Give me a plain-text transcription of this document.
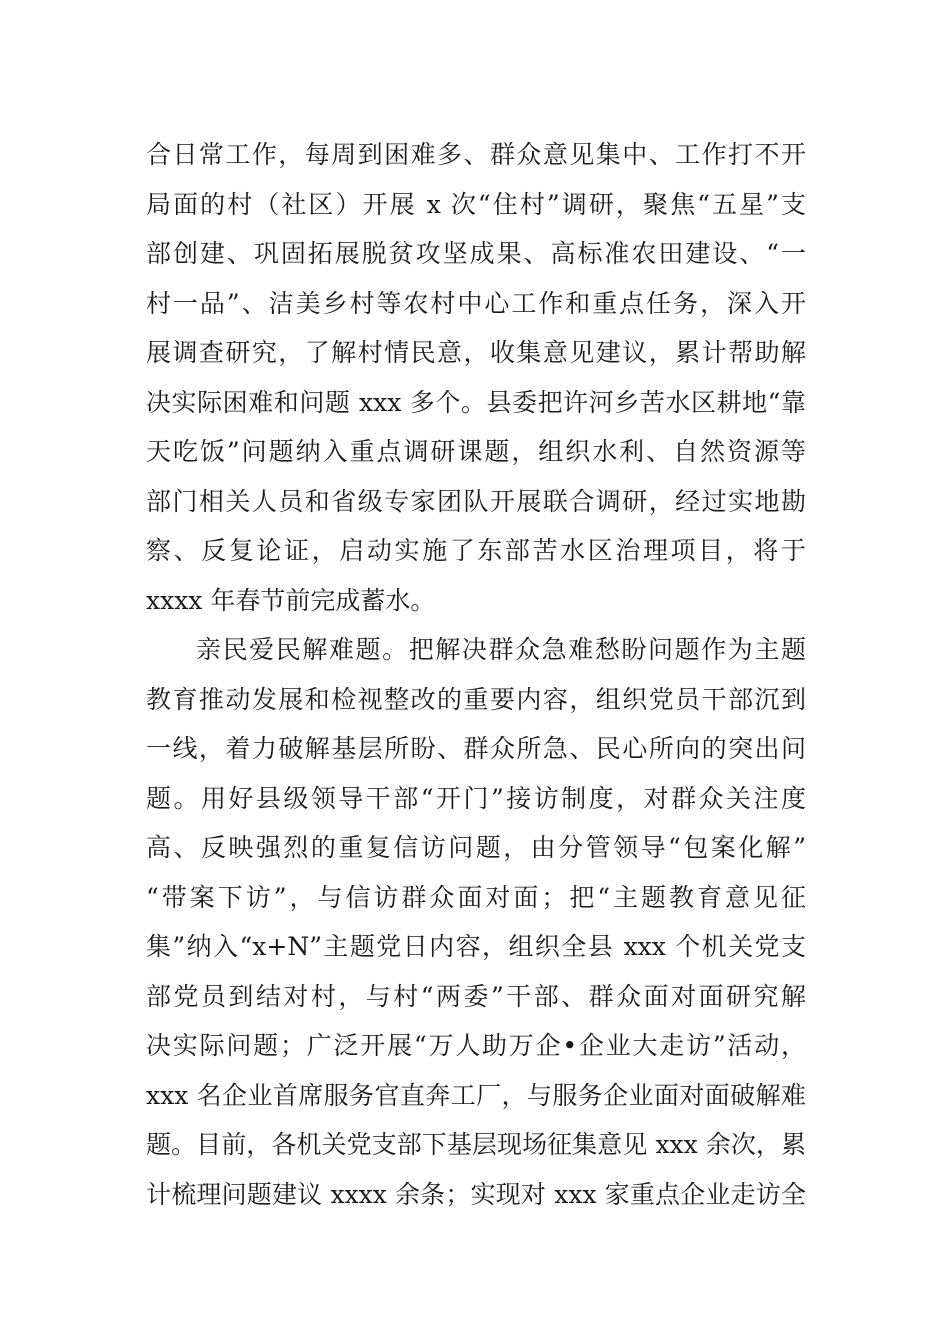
合日常工作，每周到困难多、群众意见集中、工作打不开
局面的村（社区）开展 x 次“住村”调研，聚焦“五星”支
部创建、巩固拓展脱贫攻坚成果、高标准农田建设、“一
村一品”、洁美乡村等农村中心工作和重点任务，深入开
展调查研究，了解村情民意，收集意见建议，累计帮助解
决实际困难和问题 xxx 多个。县委把许河乡苦水区耕地“靠
天吃饭”问题纳入重点调研课题，组织水利、自然资源等
部门相关人员和省级专家团队开展联合调研，经过实地勘
察、反复论证，启动实施了东部苦水区治理项目，将于
xxxx 年春节前完成蓄水。
亲民爱民解难题。把解决群众急难愁盼问题作为主题
教育推动发展和检视整改的重要内容，组织党员干部沉到
一线，着力破解基层所盼、群众所急、民心所向的突出问
题。用好县级领导干部“开门”接访制度，对群众关注度
高、反映强烈的重复信访问题，由分管领导“包案化解”
“带案下访”，与信访群众面对面；把“主题教育意见征
集”纳入“x+N”主题党日内容，组织全县 xxx 个机关党支
部党员到结对村，与村“两委”干部、群众面对面研究解
决实际问题；广泛开展“万人助万企•企业大走访”活动，
xxx 名企业首席服务官直奔工厂，与服务企业面对面破解难
题。目前，各机关党支部下基层现场征集意见 xxx 余次，累
计梳理问题建议 xxxx 余条；实现对 xxx 家重点企业走访全
